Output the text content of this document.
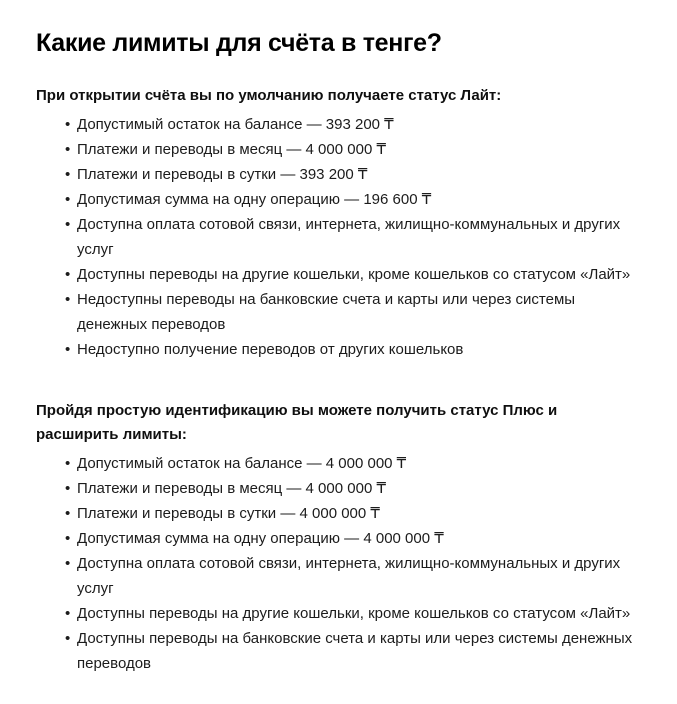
Какие лимиты для счёта в тенге?

При открытии счёта вы по умолчанию получаете статус Лайт:

• Допустимый остаток на балансе — 393 200 ₸
• Платежи и переводы в месяц — 4 000 000 ₸
• Платежи и переводы в сутки — 393 200 ₸
• Допустимая сумма на одну операцию — 196 600 ₸
• Доступна оплата сотовой связи, интернета, жилищно-коммунальных и других услуг
• Доступны переводы на другие кошельки, кроме кошельков со статусом «Лайт»
• Недоступны переводы на банковские счета и карты или через системы денежных переводов
• Недоступно получение переводов от других кошельков

Пройдя простую идентификацию вы можете получить статус Плюс и расширить лимиты:

• Допустимый остаток на балансе — 4 000 000 ₸
• Платежи и переводы в месяц — 4 000 000 ₸
• Платежи и переводы в сутки — 4 000 000 ₸
• Допустимая сумма на одну операцию — 4 000 000 ₸
• Доступна оплата сотовой связи, интернета, жилищно-коммунальных и других услуг
• Доступны переводы на другие кошельки, кроме кошельков со статусом «Лайт»
• Доступны переводы на банковские счета и карты или через системы денежных переводов
